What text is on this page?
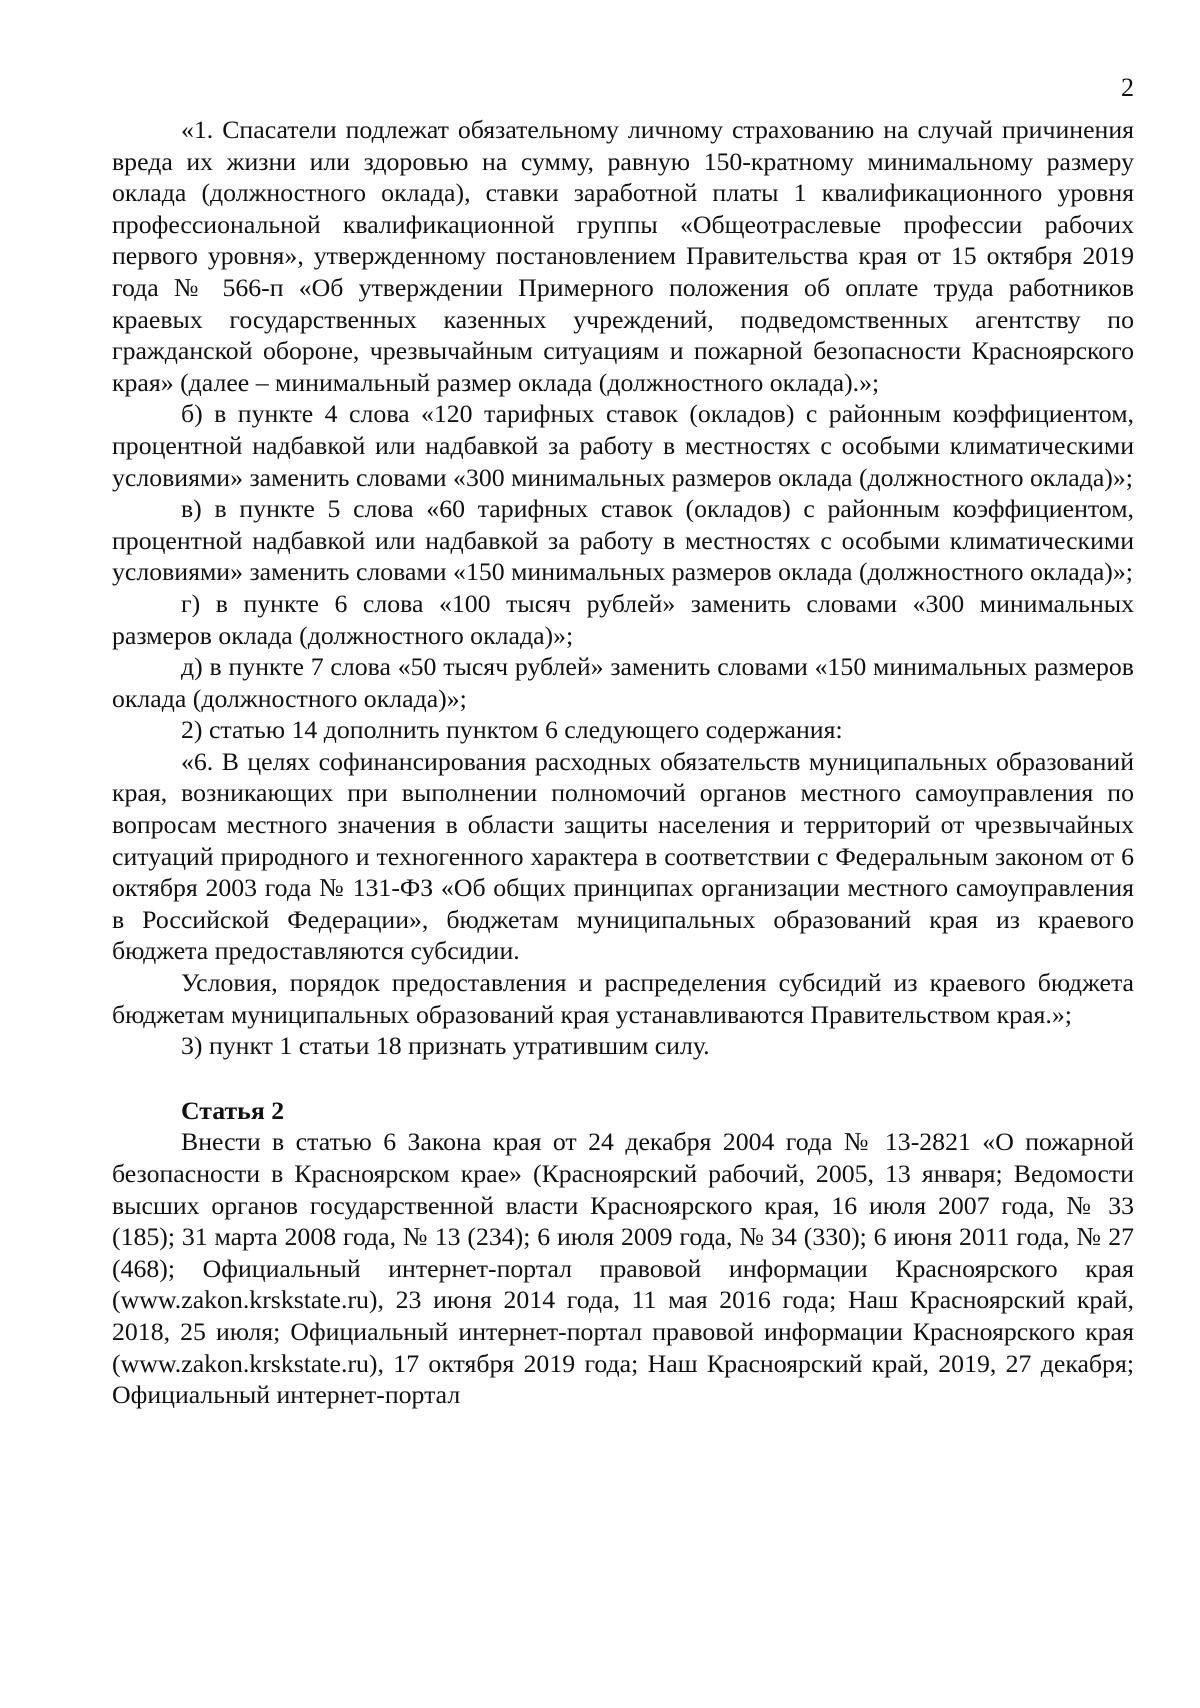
2

«1. Спасатели подлежат обязательному личному страхованию на случай причинения вреда их жизни или здоровью на сумму, равную 150-кратному минимальному размеру оклада (должностного оклада), ставки заработной платы 1 квалификационного уровня профессиональной квалификационной группы «Общеотраслевые профессии рабочих первого уровня», утвержденному постановлением Правительства края от 15 октября 2019 года № 566-п «Об утверждении Примерного положения об оплате труда работников краевых государственных казенных учреждений, подведомственных агентству по гражданской обороне, чрезвычайным ситуациям и пожарной безопасности Красноярского края» (далее – минимальный размер оклада (должностного оклада).»;

б) в пункте 4 слова «120 тарифных ставок (окладов) с районным коэффициентом, процентной надбавкой или надбавкой за работу в местностях с особыми климатическими условиями» заменить словами «300 минимальных размеров оклада (должностного оклада)»;

в) в пункте 5 слова «60 тарифных ставок (окладов) с районным коэффициентом, процентной надбавкой или надбавкой за работу в местностях с особыми климатическими условиями» заменить словами «150 минимальных размеров оклада (должностного оклада)»;

г) в пункте 6 слова «100 тысяч рублей» заменить словами «300 минимальных размеров оклада (должностного оклада)»;

д) в пункте 7 слова «50 тысяч рублей» заменить словами «150 минимальных размеров оклада (должностного оклада)»;

2) статью 14 дополнить пунктом 6 следующего содержания:

«6. В целях софинансирования расходных обязательств муниципальных образований края, возникающих при выполнении полномочий органов местного самоуправления по вопросам местного значения в области защиты населения и территорий от чрезвычайных ситуаций природного и техногенного характера в соответствии с Федеральным законом от 6 октября 2003 года № 131-ФЗ «Об общих принципах организации местного самоуправления в Российской Федерации», бюджетам муниципальных образований края из краевого бюджета предоставляются субсидии.

Условия, порядок предоставления и распределения субсидий из краевого бюджета бюджетам муниципальных образований края устанавливаются Правительством края.»;

3) пункт 1 статьи 18 признать утратившим силу.

Статья 2

Внести в статью 6 Закона края от 24 декабря 2004 года № 13-2821 «О пожарной безопасности в Красноярском крае» (Красноярский рабочий, 2005, 13 января; Ведомости высших органов государственной власти Красноярского края, 16 июля 2007 года, № 33 (185); 31 марта 2008 года, № 13 (234); 6 июля 2009 года, № 34 (330); 6 июня 2011 года, № 27 (468); Официальный интернет-портал правовой информации Красноярского края (www.zakon.krskstate.ru), 23 июня 2014 года, 11 мая 2016 года; Наш Красноярский край, 2018, 25 июля; Официальный интернет-портал правовой информации Красноярского края (www.zakon.krskstate.ru), 17 октября 2019 года; Наш Красноярский край, 2019, 27 декабря; Официальный интернет-портал
